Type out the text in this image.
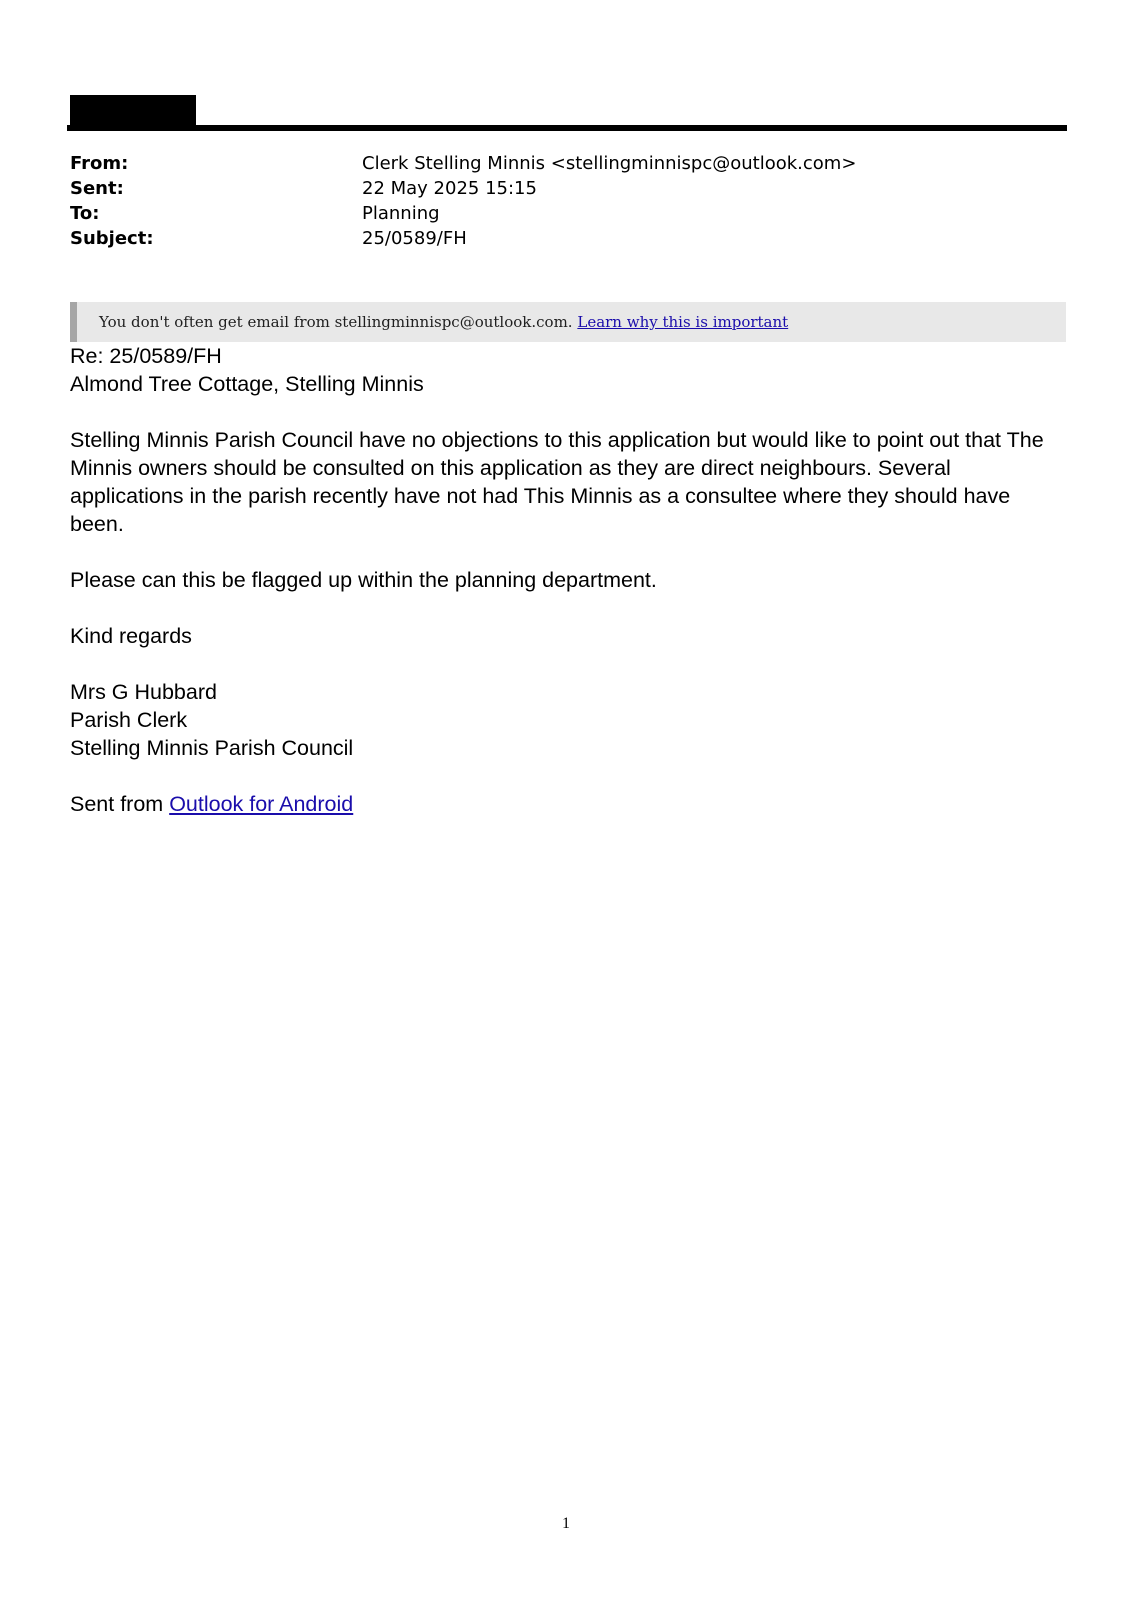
From:	Clerk Stelling Minnis <stellingminnispc@outlook.com>
Sent:	22 May 2025 15:15
To:	Planning
Subject:	25/0589/FH
You don't often get email from stellingminnispc@outlook.com. Learn why this is important

Re: 25/0589/FH

Almond Tree Cottage, Stelling Minnis

Stelling Minnis Parish Council have no objections to this application but would like to point out that The Minnis owners should be consulted on this application as they are direct neighbours. Several applications in the parish recently have not had This Minnis as a consultee where they should have been.

Please can this be flagged up within the planning department.

Kind regards

Mrs G Hubbard

Parish Clerk

Stelling Minnis Parish Council

Sent from Outlook for Android

1
